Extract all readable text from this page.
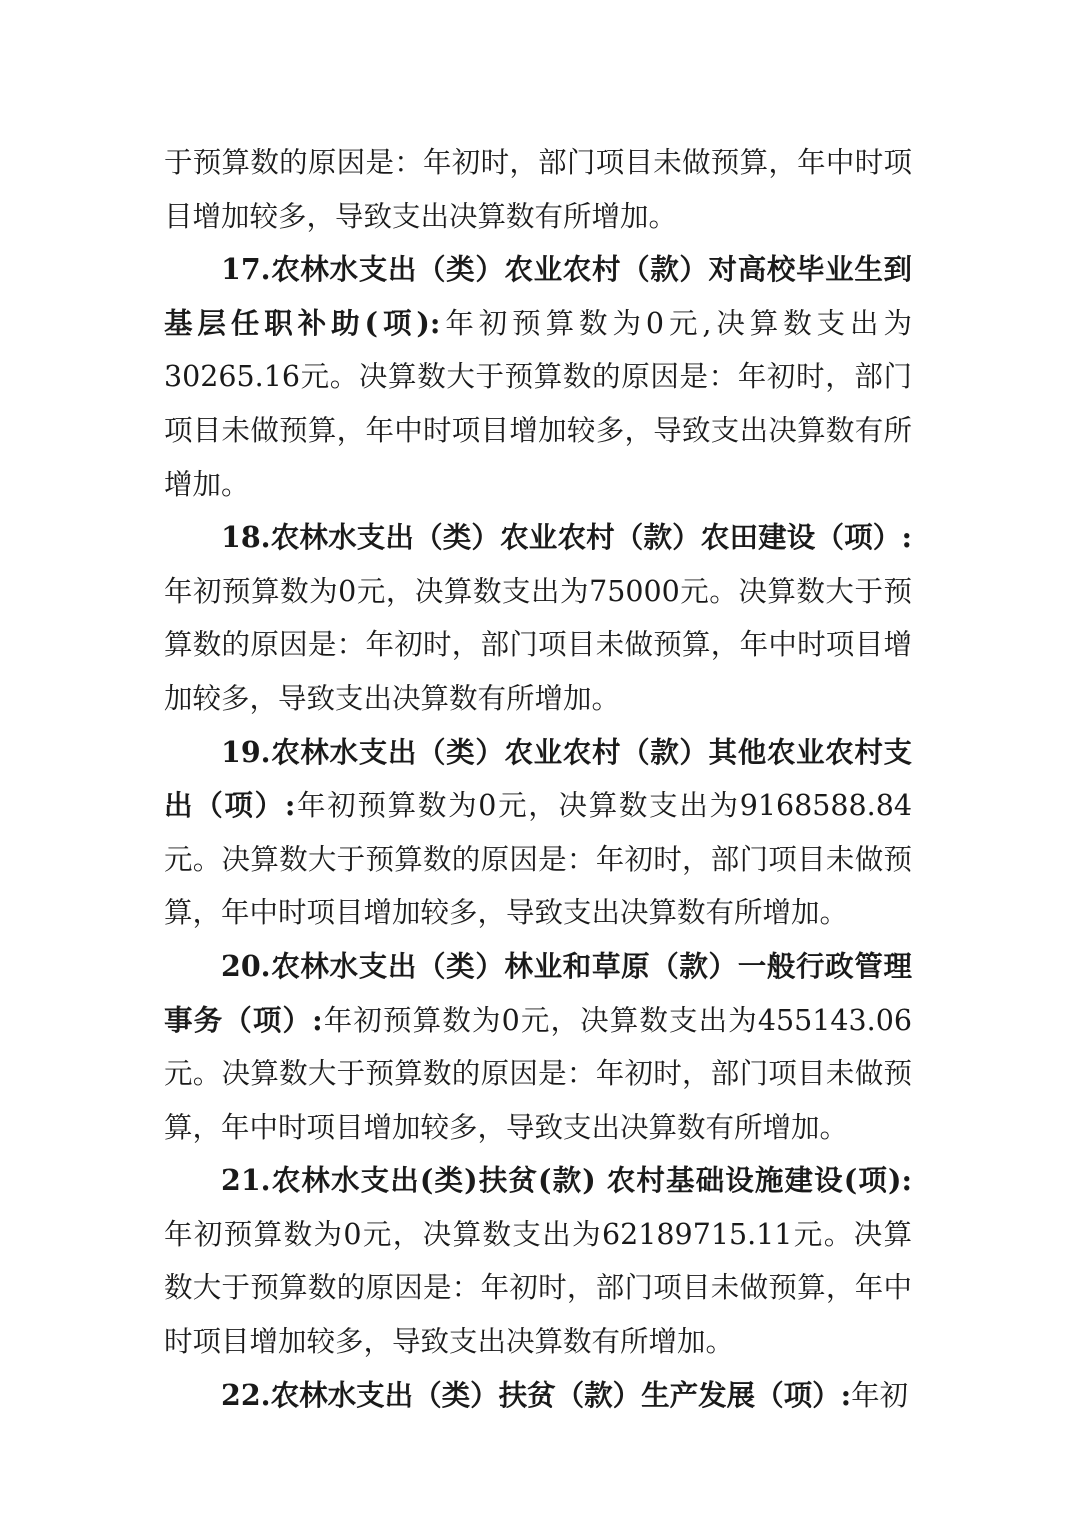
于预算数的原因是：年初时，部门项目未做预算，年中时项目增加较多，导致支出决算数有所增加。

17.农林水支出（类）农业农村（款）对高校毕业生到基层任职补助(项):年初预算数为0元,决算数支出为30265.16元。决算数大于预算数的原因是：年初时，部门项目未做预算，年中时项目增加较多，导致支出决算数有所增加。

18.农林水支出（类）农业农村（款）农田建设（项）:年初预算数为0元，决算数支出为75000元。决算数大于预算数的原因是：年初时，部门项目未做预算，年中时项目增加较多，导致支出决算数有所增加。

19.农林水支出（类）农业农村（款）其他农业农村支出（项）:年初预算数为0元，决算数支出为9168588.84元。决算数大于预算数的原因是：年初时，部门项目未做预算，年中时项目增加较多，导致支出决算数有所增加。

20.农林水支出（类）林业和草原（款）一般行政管理事务（项）:年初预算数为0元，决算数支出为455143.06元。决算数大于预算数的原因是：年初时，部门项目未做预算，年中时项目增加较多，导致支出决算数有所增加。

21.农林水支出(类)扶贫(款) 农村基础设施建设(项):年初预算数为0元，决算数支出为62189715.11元。决算数大于预算数的原因是：年初时，部门项目未做预算，年中时项目增加较多，导致支出决算数有所增加。

22.农林水支出（类）扶贫（款）生产发展（项）:年初
